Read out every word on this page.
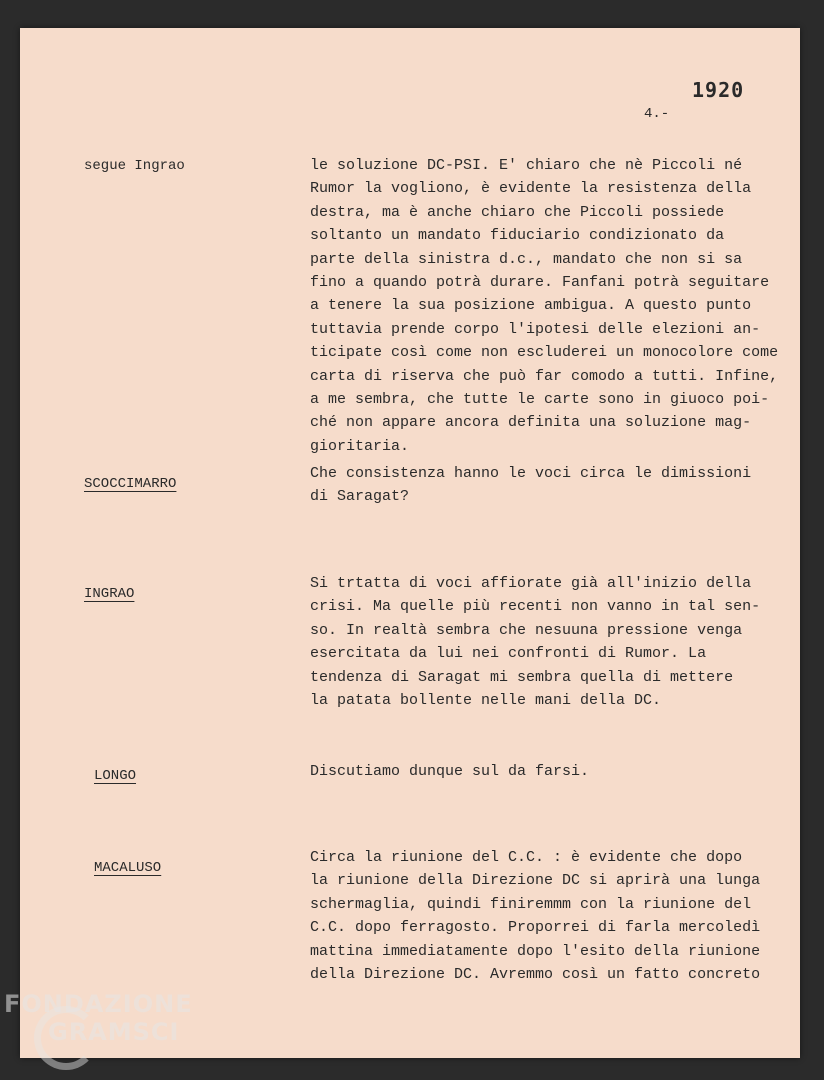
1920
4.-
segue Ingrao	le soluzione DC-PSI. E' chiaro che nè Piccoli né
Rumor la vogliono, è evidente la resistenza della
destra, ma è anche chiaro che Piccoli possiede
soltanto un mandato fiduciario condizionato da
parte della sinistra d.c., mandato che non si sa
fino a quando potrà durare. Fanfani potrà seguitare
a tenere la sua posizione ambigua. A questo punto
tuttavia prende corpo l'ipotesi delle elezioni an-
ticipate così come non escluderei un monocolore come
carta di riserva che può far comodo a tutti. Infine,
a me sembra, che tutte le carte sono in giuoco poi-
ché non appare ancora definita una soluzione mag-
gioritaria.
SCOCCIMARRO
Che consistenza hanno le voci circa le dimissioni
di Saragat?
INGRAO
Si trtatta di voci affiorate già all'inizio della
crisi. Ma quelle più recenti non vanno in tal sen-
so. In realtà sembra che nesuuna pressione venga
esercitata da lui nei confronti di Rumor. La
tendenza di Saragat mi sembra quella di mettere
la patata bollente nelle mani della DC.
LONGO	Discutiamo dunque sul da farsi.
MACALUSO
Circa la riunione del C.C. : è evidente che dopo
la riunione della Direzione DC si aprirà una lunga
schermaglia, quindi finiremmm con la riunione del
C.C. dopo ferragosto. Proporrei di farla mercoledì
mattina immediatamente dopo l'esito della riunione
della Direzione DC. Avremmo così un fatto concreto
FONDAZIONE
GRAMSCI
